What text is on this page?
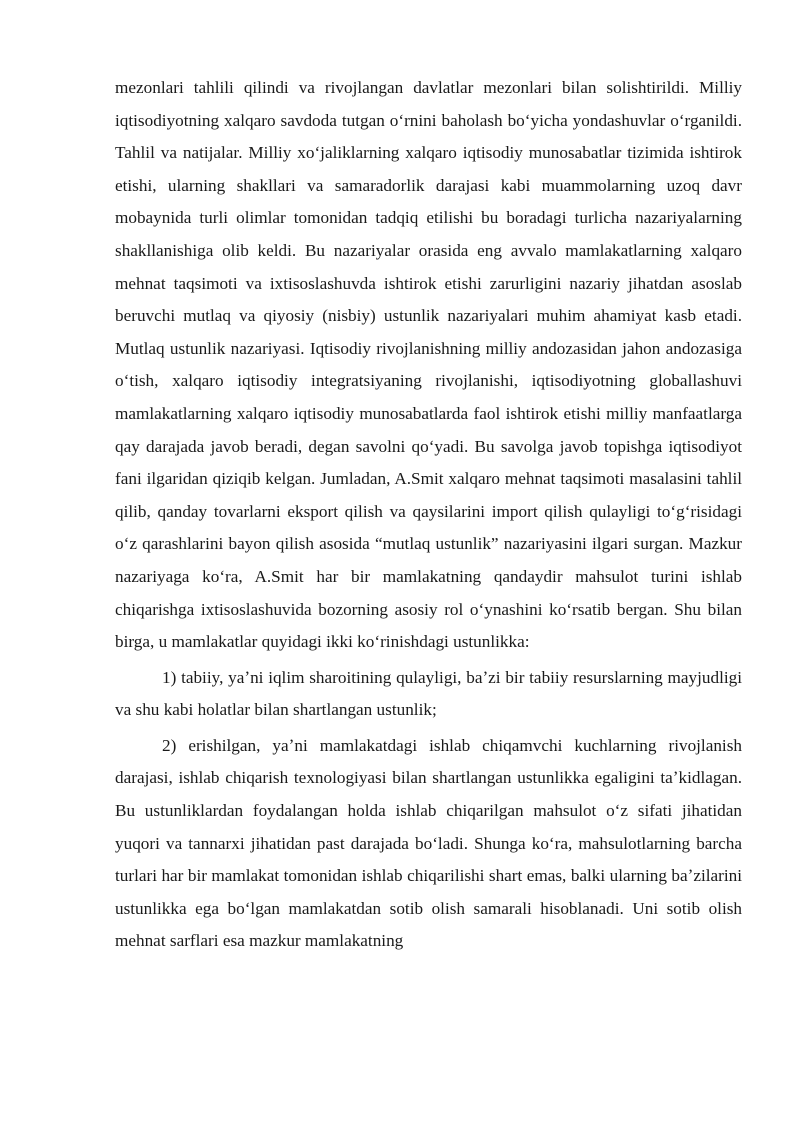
mezonlari tahlili qilindi va rivojlangan davlatlar mezonlari bilan solishtirildi. Milliy iqtisodiyotning xalqaro savdoda tutgan oʻrnini baholash boʻyicha yondashuvlar oʻrganildi. Tahlil va natijalar. Milliy xoʻjaliklarning xalqaro iqtisodiy munosabatlar tizimida ishtirok etishi, ularning shakllari va samaradorlik darajasi kabi muammolarning uzoq davr mobaynida turli olimlar tomonidan tadqiq etilishi bu boradagi turlicha nazariyalarning shakllanishiga olib keldi. Bu nazariyalar orasida eng avvalo mamlakatlarning xalqaro mehnat taqsimoti va ixtisoslashuvda ishtirok etishi zarurligini nazariy jihatdan asoslab beruvchi mutlaq va qiyosiy (nisbiy) ustunlik nazariyalari muhim ahamiyat kasb etadi. Mutlaq ustunlik nazariyasi. Iqtisodiy rivojlanishning milliy andozasidan jahon andozasiga oʻtish, xalqaro iqtisodiy integratsiyaning rivojlanishi, iqtisodiyotning globallashuvi mamlakatlarning xalqaro iqtisodiy munosabatlarda faol ishtirok etishi milliy manfaatlarga qay darajada javob beradi, degan savolni qoʻyadi. Bu savolga javob topishga iqtisodiyot fani ilgaridan qiziqib kelgan. Jumladan, A.Smit xalqaro mehnat taqsimoti masalasini tahlil qilib, qanday tovarlarni eksport qilish va qaysilarini import qilish qulayligi toʻgʻrisidagi oʻz qarashlarini bayon qilish asosida “mutlaq ustunlik” nazariyasini ilgari surgan. Mazkur nazariyaga koʻra, A.Smit har bir mamlakatning qandaydir mahsulot turini ishlab chiqarishga ixtisoslashuvida bozorning asosiy rol oʻynashini koʻrsatib bergan. Shu bilan birga, u mamlakatlar quyidagi ikki koʻrinishdagi ustunlikka:

1) tabiiy, yaʼni iqlim sharoitining qulayligi, baʼzi bir tabiiy resurslarning mayjudligi va shu kabi holatlar bilan shartlangan ustunlik;

2) erishilgan, yaʼni mamlakatdagi ishlab chiqamvchi kuchlarning rivojlanish darajasi, ishlab chiqarish texnologiyasi bilan shartlangan ustunlikka egaligini taʼkidlagan. Bu ustunliklardan foydalangan holda ishlab chiqarilgan mahsulot oʻz sifati jihatidan yuqori va tannarxi jihatidan past darajada boʻladi. Shunga koʻra, mahsulotlarning barcha turlari har bir mamlakat tomonidan ishlab chiqarilishi shart emas, balki ularning baʼzilarini ustunlikka ega boʻlgan mamlakatdan sotib olish samarali hisoblanadi. Uni sotib olish mehnat sarflari esa mazkur mamlakatning
